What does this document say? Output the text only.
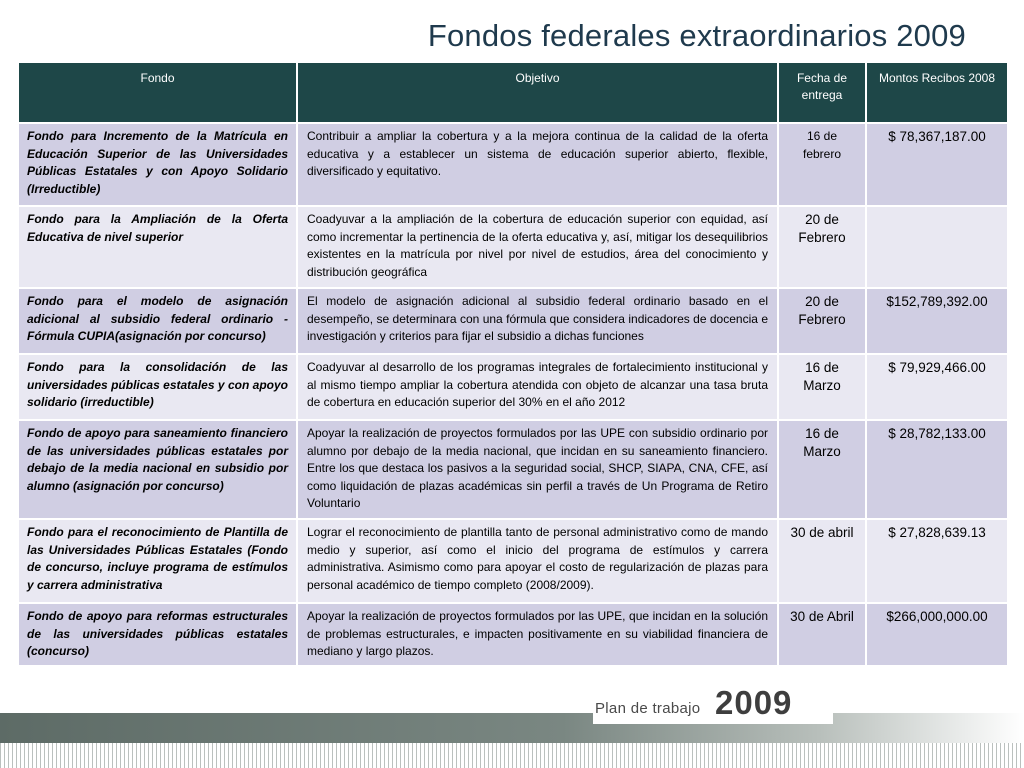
Fondos federales extraordinarios 2009
Fondo	Objetivo	Fecha de entrega	Montos Recibos 2008
Fondo para Incremento de la Matrícula en Educación Superior de las Universidades Públicas Estatales y con Apoyo Solidario (Irreductible)	Contribuir a ampliar la cobertura y a la mejora continua de la calidad de la oferta educativa y a establecer un sistema de educación superior abierto, flexible, diversificado y equitativo.	16 de febrero	$ 78,367,187.00
Fondo para la Ampliación de la Oferta Educativa de nivel superior	Coadyuvar a la ampliación de la cobertura de educación superior con equidad, así como incrementar la pertinencia de la oferta educativa y, así, mitigar los desequilibrios existentes en la matrícula por nivel por nivel de estudios, área del conocimiento y distribución geográfica	20 de Febrero	
Fondo para el modelo de asignación adicional al subsidio federal ordinario - Fórmula CUPIA(asignación por concurso)	El modelo de asignación adicional al subsidio federal ordinario basado en el desempeño, se determinara con una fórmula que considera indicadores de docencia e investigación y criterios para fijar el subsidio a dichas funciones	20 de Febrero	$152,789,392.00
Fondo para la consolidación de las universidades públicas estatales y con apoyo solidario (irreductible)	Coadyuvar al desarrollo de los programas integrales de fortalecimiento institucional y al mismo tiempo ampliar la cobertura atendida con objeto de alcanzar una tasa bruta de cobertura en educación superior del 30% en el año 2012	16 de Marzo	$ 79,929,466.00
Fondo de apoyo para saneamiento financiero de las universidades públicas estatales por debajo de la media nacional en subsidio por alumno (asignación por concurso)	Apoyar la realización de proyectos formulados por las UPE con subsidio ordinario por alumno por debajo de la media nacional, que incidan en su saneamiento financiero. Entre los que destaca los pasivos a la seguridad social, SHCP, SIAPA, CNA, CFE, así como liquidación de plazas académicas sin perfil a través de Un Programa de Retiro Voluntario	16 de Marzo	$ 28,782,133.00
Fondo para el reconocimiento de Plantilla de las Universidades Públicas Estatales (Fondo de concurso, incluye programa de estímulos y carrera administrativa	Lograr el reconocimiento de plantilla tanto de personal administrativo como de mando medio y superior, así como el inicio del programa de estímulos y carrera administrativa. Asimismo como para apoyar el costo de regularización de plazas para personal académico de tiempo completo (2008/2009).	30 de abril	$ 27,828,639.13
Fondo de apoyo para reformas estructurales de las universidades públicas estatales (concurso)	Apoyar la realización de proyectos formulados por las UPE, que incidan en la solución de problemas estructurales, e impacten positivamente en su viabilidad financiera de mediano y largo plazos.	30 de Abril	$266,000,000.00
Plan de trabajo 2009
